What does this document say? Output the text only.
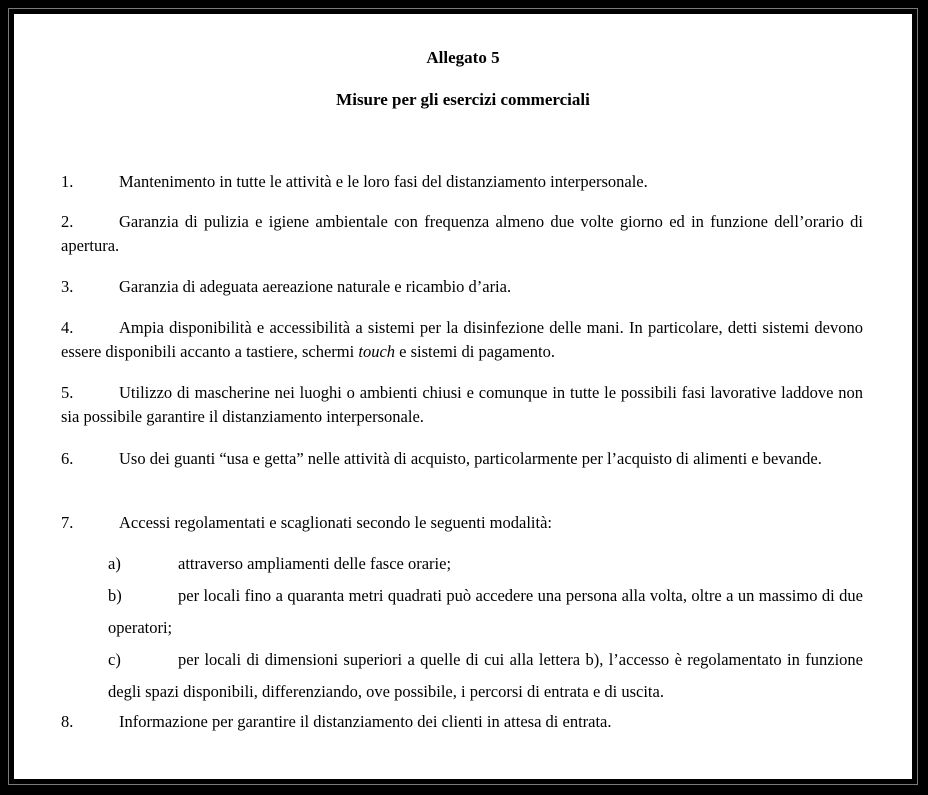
Allegato 5
Misure per gli esercizi commerciali
1.	Mantenimento in tutte le attività e le loro fasi del distanziamento interpersonale.
2.	Garanzia di pulizia e igiene ambientale con frequenza almeno due volte giorno ed in funzione dell’orario di apertura.
3.	Garanzia di adeguata aereazione naturale e ricambio d’aria.
4.	Ampia disponibilità e accessibilità a sistemi per la disinfezione delle mani. In particolare, detti sistemi devono essere disponibili accanto a tastiere, schermi touch e sistemi di pagamento.
5.	Utilizzo di mascherine nei luoghi o ambienti chiusi e comunque in tutte le possibili fasi lavorative laddove non sia possibile garantire il distanziamento interpersonale.
6.	Uso dei guanti “usa e getta” nelle attività di acquisto, particolarmente per l’acquisto di alimenti e bevande.
7.	Accessi regolamentati e scaglionati secondo le seguenti modalità:
a)	attraverso ampliamenti delle fasce orarie;
b)	per locali fino a quaranta metri quadrati può accedere una persona alla volta, oltre a un massimo di due operatori;
c)	per locali di dimensioni superiori a quelle di cui alla lettera b), l’accesso è regolamentato in funzione degli spazi disponibili, differenziando, ove possibile, i percorsi di entrata e di uscita.
8.	Informazione per garantire il distanziamento dei clienti in attesa di entrata.
